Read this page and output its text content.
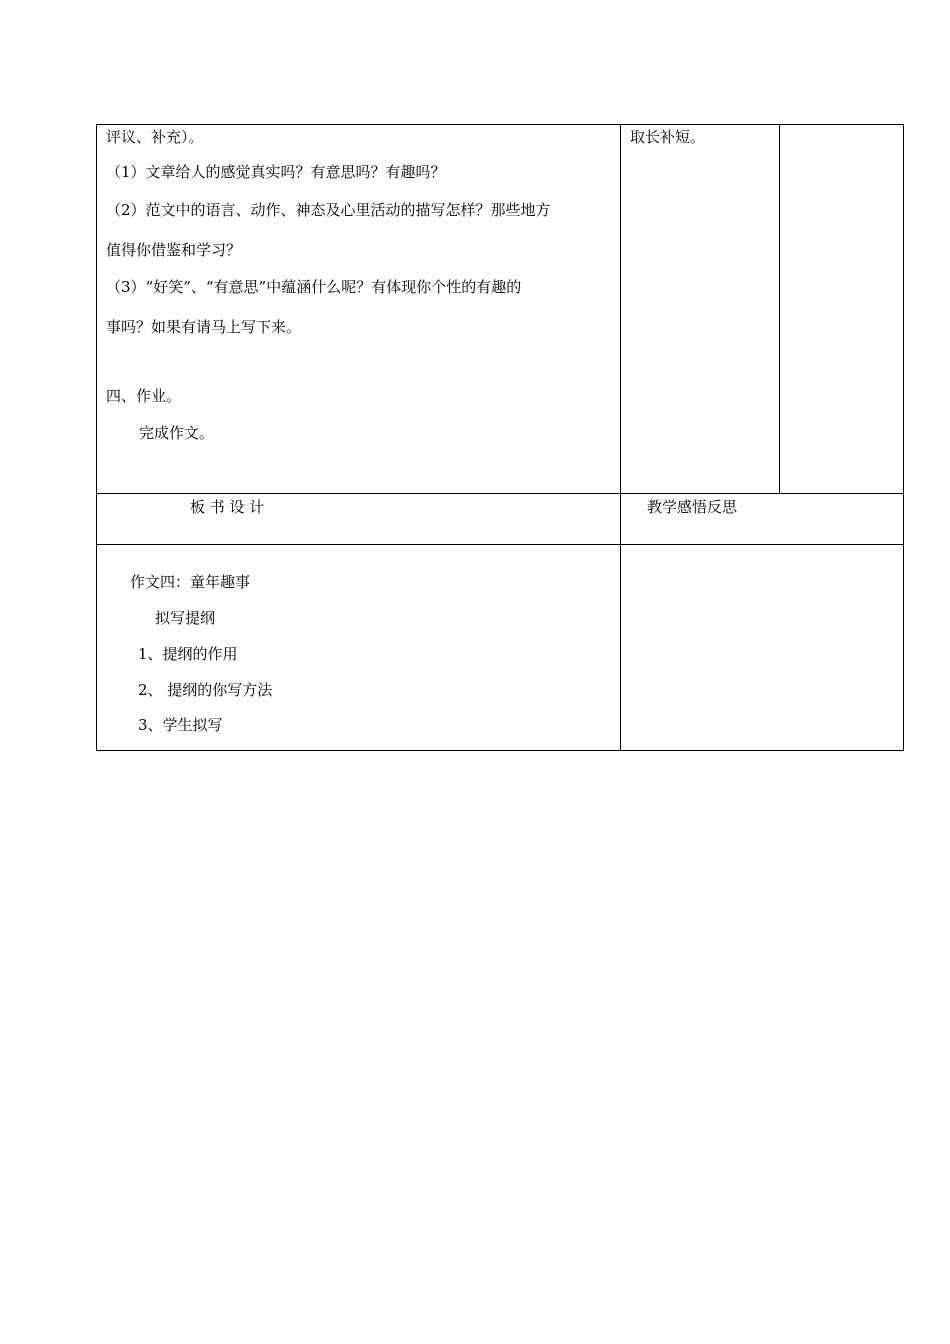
评议、补充）。
（1）文章给人的感觉真实吗？有意思吗？有趣吗？
（2）范文中的语言、动作、神态及心里活动的描写怎样？那些地方
值得你借鉴和学习？
（3）“好笑”、“有意思”中蕴涵什么呢？有体现你个性的有趣的
事吗？如果有请马上写下来。
四、作业。
完成作文。
取长补短。
板 书 设 计	教学感悟反思
作文四：童年趣事
拟写提纲
1、提纲的作用
2、 提纲的你写方法
3、学生拟写
